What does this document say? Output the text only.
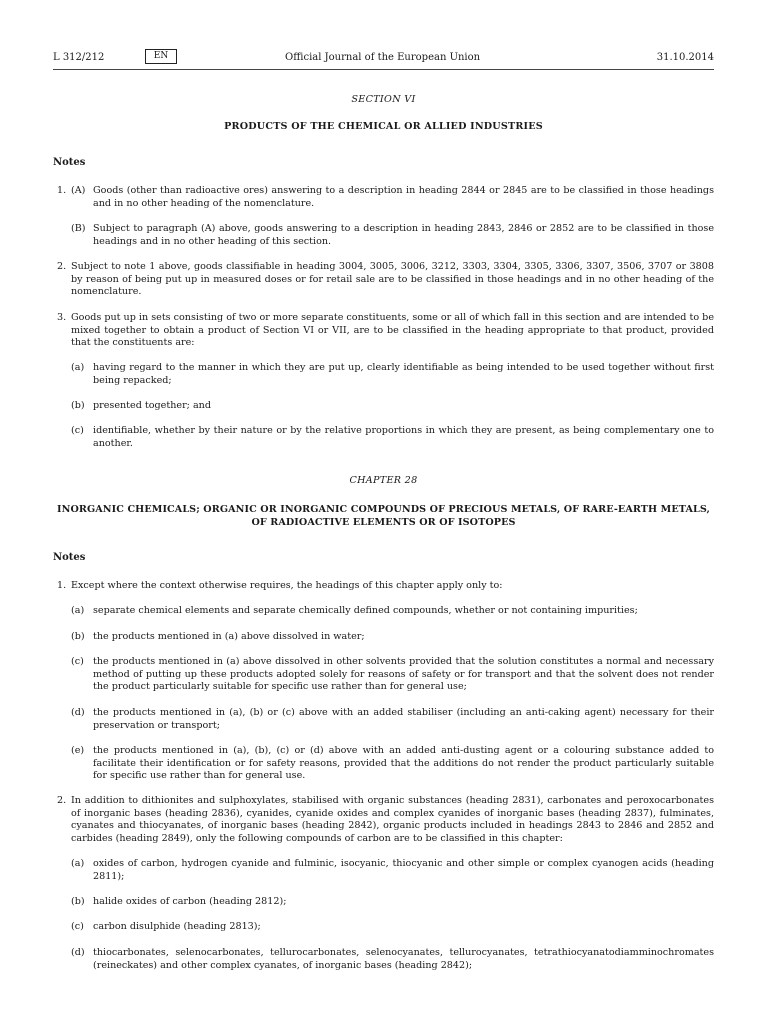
L 312/212	EN	Official Journal of the European Union	31.10.2014
SECTION VI
PRODUCTS OF THE CHEMICAL OR ALLIED INDUSTRIES
Notes
1. (A) Goods (other than radioactive ores) answering to a description in heading 2844 or 2845 are to be classified in those headings and in no other heading of the nomenclature.
(B) Subject to paragraph (A) above, goods answering to a description in heading 2843, 2846 or 2852 are to be classified in those headings and in no other heading of this section.
2. Subject to note 1 above, goods classifiable in heading 3004, 3005, 3006, 3212, 3303, 3304, 3305, 3306, 3307, 3506, 3707 or 3808 by reason of being put up in measured doses or for retail sale are to be classified in those headings and in no other heading of the nomenclature.
3. Goods put up in sets consisting of two or more separate constituents, some or all of which fall in this section and are intended to be mixed together to obtain a product of Section VI or VII, are to be classified in the heading appropriate to that product, provided that the constituents are:
(a) having regard to the manner in which they are put up, clearly identifiable as being intended to be used together without first being repacked;
(b) presented together; and
(c) identifiable, whether by their nature or by the relative proportions in which they are present, as being complementary one to another.
CHAPTER 28
INORGANIC CHEMICALS; ORGANIC OR INORGANIC COMPOUNDS OF PRECIOUS METALS, OF RARE-EARTH METALS,
OF RADIOACTIVE ELEMENTS OR OF ISOTOPES
Notes
1. Except where the context otherwise requires, the headings of this chapter apply only to:
(a) separate chemical elements and separate chemically defined compounds, whether or not containing impurities;
(b) the products mentioned in (a) above dissolved in water;
(c) the products mentioned in (a) above dissolved in other solvents provided that the solution constitutes a normal and necessary method of putting up these products adopted solely for reasons of safety or for transport and that the solvent does not render the product particularly suitable for specific use rather than for general use;
(d) the products mentioned in (a), (b) or (c) above with an added stabiliser (including an anti-caking agent) necessary for their preservation or transport;
(e) the products mentioned in (a), (b), (c) or (d) above with an added anti-dusting agent or a colouring substance added to facilitate their identification or for safety reasons, provided that the additions do not render the product particularly suitable for specific use rather than for general use.
2. In addition to dithionites and sulphoxylates, stabilised with organic substances (heading 2831), carbonates and peroxocarbonates of inorganic bases (heading 2836), cyanides, cyanide oxides and complex cyanides of inorganic bases (heading 2837), fulminates, cyanates and thiocyanates, of inorganic bases (heading 2842), organic products included in headings 2843 to 2846 and 2852 and carbides (heading 2849), only the following compounds of carbon are to be classified in this chapter:
(a) oxides of carbon, hydrogen cyanide and fulminic, isocyanic, thiocyanic and other simple or complex cyanogen acids (heading 2811);
(b) halide oxides of carbon (heading 2812);
(c) carbon disulphide (heading 2813);
(d) thiocarbonates, selenocarbonates, tellurocarbonates, selenocyanates, tellurocyanates, tetrathiocyanatodiamminochromates (reineckates) and other complex cyanates, of inorganic bases (heading 2842);
